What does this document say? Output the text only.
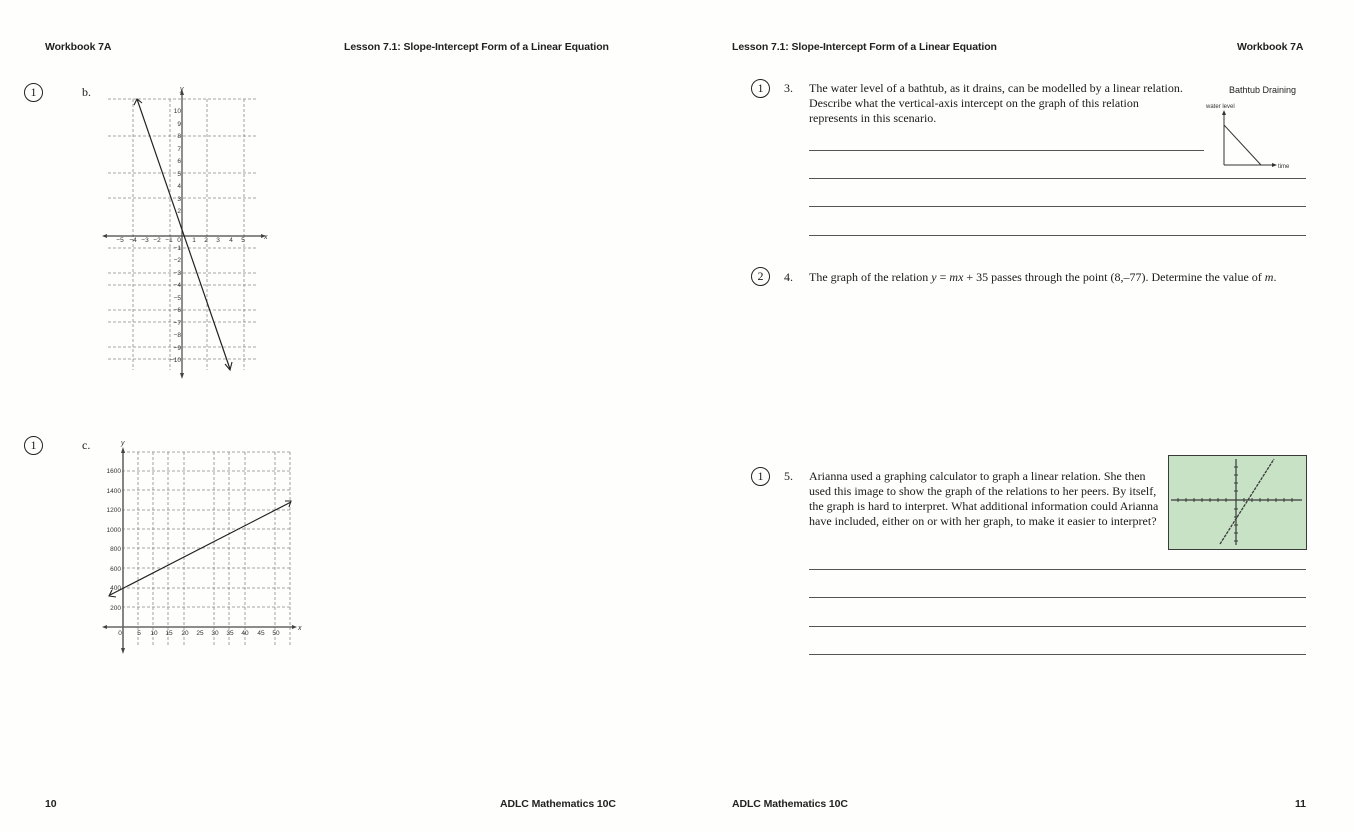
Workbook 7A	Lesson 7.1: Slope-Intercept Form of a Linear Equation
1	b.	y
x
−5 −4 −3 −2 −1 0 1 2 3 4 5
10
9
8
7
6
5
4
3
2
−1
−2
−3
−4
−5
−6
−7
−8
−9
−10
1	c.	y
x
0 5 10 15 20 25 30 35 40 45 50
1600
1400
1200
1000
800
600
400
200
10	ADLC Mathematics 10C
Lesson 7.1: Slope-Intercept Form of a Linear Equation	Workbook 7A
1	3. The water level of a bathtub, as it drains, can be modelled by a linear relation. Describe what the vertical-axis intercept on the graph of this relation represents in this scenario.
Bathtub Draining
water level
time
2	4. The graph of the relation y = mx + 35 passes through the point (8,–77). Determine the value of m.
1	5. Arianna used a graphing calculator to graph a linear relation. She then used this image to show the graph of the relations to her peers. By itself, the graph is hard to interpret. What additional information could Arianna have included, either on or with her graph, to make it easier to interpret?
ADLC Mathematics 10C	11
